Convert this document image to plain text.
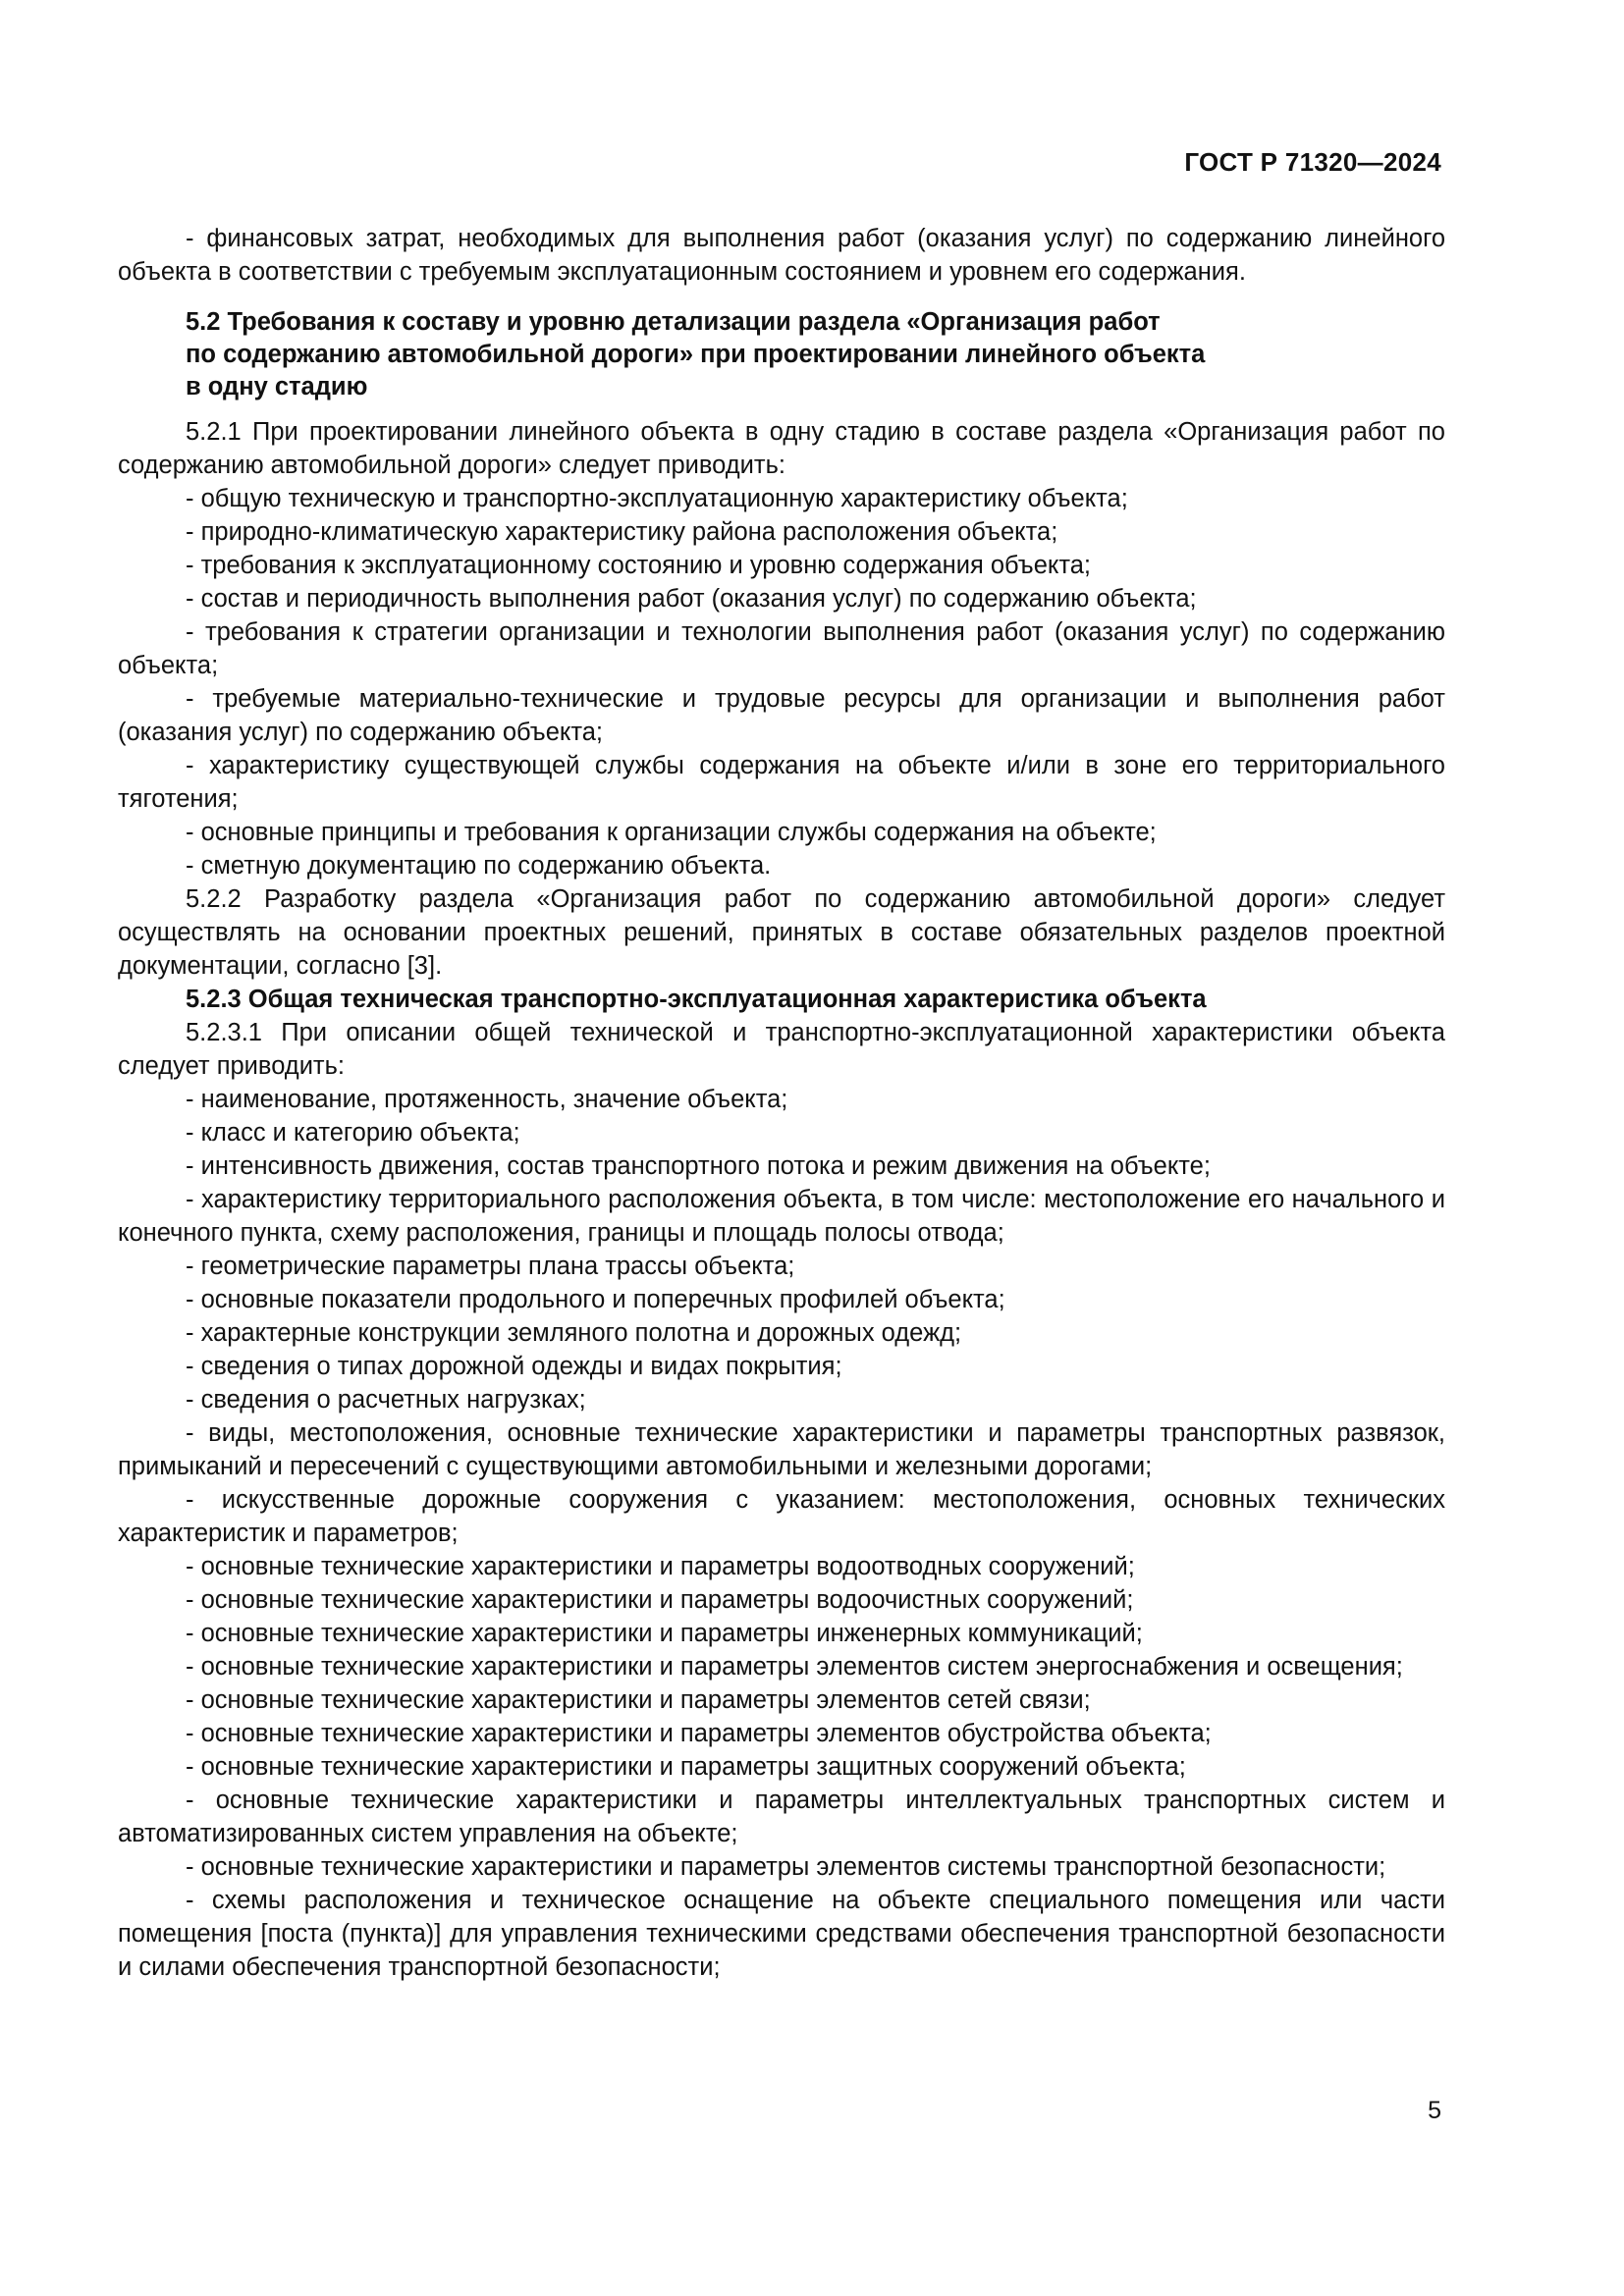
ГОСТ Р 71320—2024

- финансовых затрат, необходимых для выполнения работ (оказания услуг) по содержанию линейного объекта в соответствии с требуемым эксплуатационным состоянием и уровнем его содержания.

5.2 Требования к составу и уровню детализации раздела «Организация работ
по содержанию автомобильной дороги» при проектировании линейного объекта
в одну стадию

5.2.1 При проектировании линейного объекта в одну стадию в составе раздела «Организация работ по содержанию автомобильной дороги» следует приводить:

- общую техническую и транспортно-эксплуатационную характеристику объекта;

- природно-климатическую характеристику района расположения объекта;

- требования к эксплуатационному состоянию и уровню содержания объекта;

- состав и периодичность выполнения работ (оказания услуг) по содержанию объекта;

- требования к стратегии организации и технологии выполнения работ (оказания услуг) по содержанию объекта;

- требуемые материально-технические и трудовые ресурсы для организации и выполнения работ (оказания услуг) по содержанию объекта;

- характеристику существующей службы содержания на объекте и/или в зоне его территориального тяготения;

- основные принципы и требования к организации службы содержания на объекте;

- сметную документацию по содержанию объекта.

5.2.2 Разработку раздела «Организация работ по содержанию автомобильной дороги» следует осуществлять на основании проектных решений, принятых в составе обязательных разделов проектной документации, согласно [3].

5.2.3 Общая техническая транспортно-эксплуатационная характеристика объекта

5.2.3.1 При описании общей технической и транспортно-эксплуатационной характеристики объекта следует приводить:

- наименование, протяженность, значение объекта;

- класс и категорию объекта;

- интенсивность движения, состав транспортного потока и режим движения на объекте;

- характеристику территориального расположения объекта, в том числе: местоположение его начального и конечного пункта, схему расположения, границы и площадь полосы отвода;

- геометрические параметры плана трассы объекта;

- основные показатели продольного и поперечных профилей объекта;

- характерные конструкции земляного полотна и дорожных одежд;

- сведения о типах дорожной одежды и видах покрытия;

- сведения о расчетных нагрузках;

- виды, местоположения, основные технические характеристики и параметры транспортных развязок, примыканий и пересечений с существующими автомобильными и железными дорогами;

- искусственные дорожные сооружения с указанием: местоположения, основных технических характеристик и параметров;

- основные технические характеристики и параметры водоотводных сооружений;

- основные технические характеристики и параметры водоочистных сооружений;

- основные технические характеристики и параметры инженерных коммуникаций;

- основные технические характеристики и параметры элементов систем энергоснабжения и освещения;

- основные технические характеристики и параметры элементов сетей связи;

- основные технические характеристики и параметры элементов обустройства объекта;

- основные технические характеристики и параметры защитных сооружений объекта;

- основные технические характеристики и параметры интеллектуальных транспортных систем и автоматизированных систем управления на объекте;

- основные технические характеристики и параметры элементов системы транспортной безопасности;

- схемы расположения и техническое оснащение на объекте специального помещения или части помещения [поста (пункта)] для управления техническими средствами обеспечения транспортной безопасности и силами обеспечения транспортной безопасности;

5
